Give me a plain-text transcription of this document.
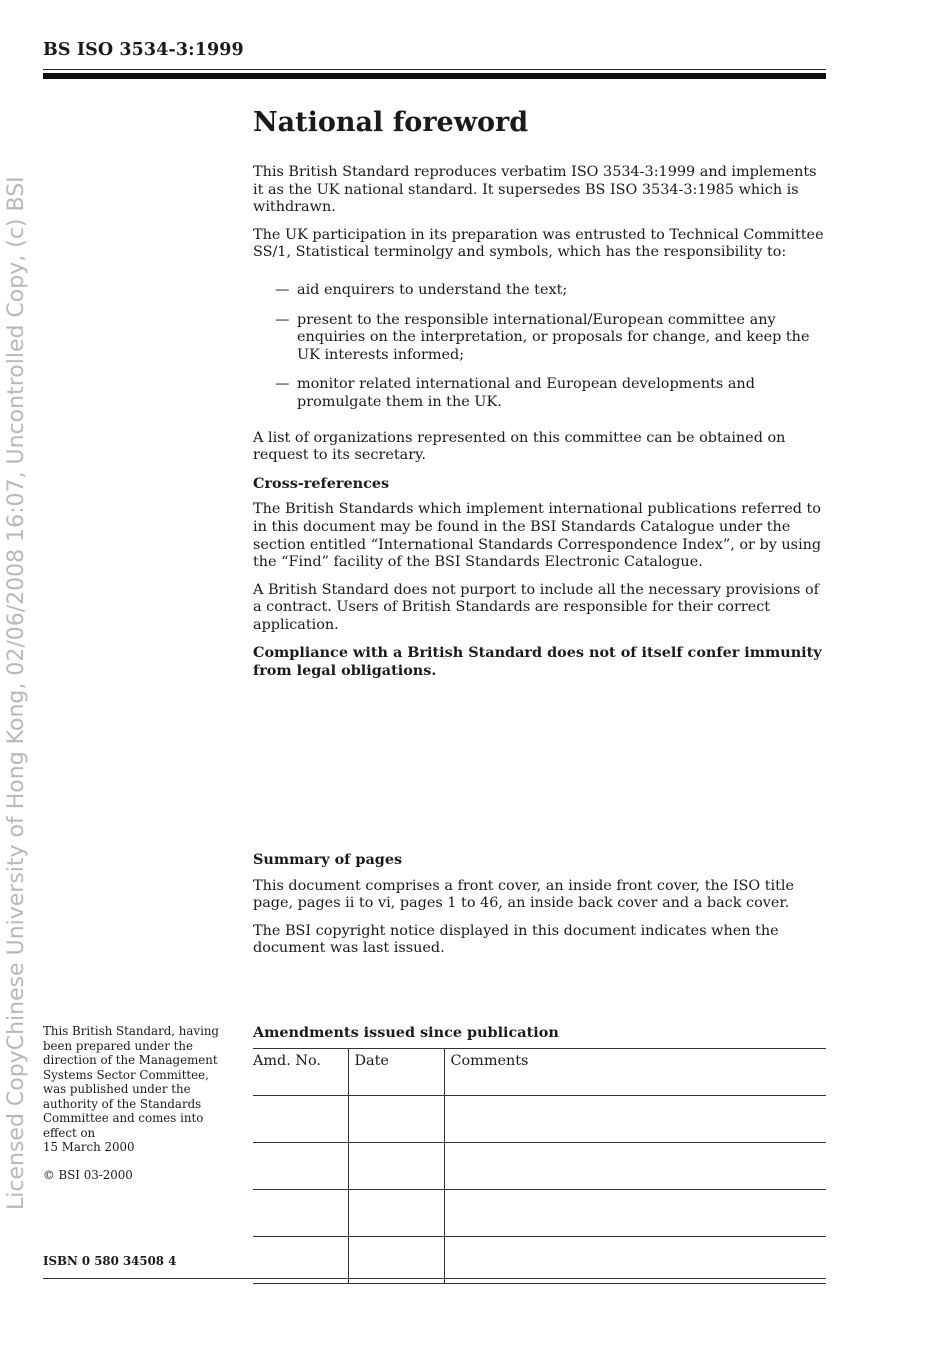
BS ISO 3534-3:1999
Licensed CopyChinese University of Hong Kong, 02/06/2008 16:07, Uncontrolled Copy, (c) BSI
National foreword

This British Standard reproduces verbatim ISO 3534-3:1999 and implements it as the UK national standard. It supersedes BS ISO 3534-3:1985 which is withdrawn.

The UK participation in its preparation was entrusted to Technical Committee SS/1, Statistical terminolgy and symbols, which has the responsibility to:

— aid enquirers to understand the text;
— present to the responsible international/European committee any enquiries on the interpretation, or proposals for change, and keep the UK interests informed;
— monitor related international and European developments and promulgate them in the UK.

A list of organizations represented on this committee can be obtained on request to its secretary.

Cross-references

The British Standards which implement international publications referred to in this document may be found in the BSI Standards Catalogue under the section entitled “International Standards Correspondence Index”, or by using the “Find” facility of the BSI Standards Electronic Catalogue.

A British Standard does not purport to include all the necessary provisions of a contract. Users of British Standards are responsible for their correct application.

Compliance with a British Standard does not of itself confer immunity from legal obligations.

Summary of pages

This document comprises a front cover, an inside front cover, the ISO title page, pages ii to vi, pages 1 to 46, an inside back cover and a back cover.

The BSI copyright notice displayed in this document indicates when the document was last issued.

This British Standard, having been prepared under the direction of the Management Systems Sector Committee, was published under the authority of the Standards Committee and comes into effect on
15 March 2000
© BSI 03-2000
ISBN 0 580 34508 4
Amendments issued since publication
Amd. No.	Date	Comments
